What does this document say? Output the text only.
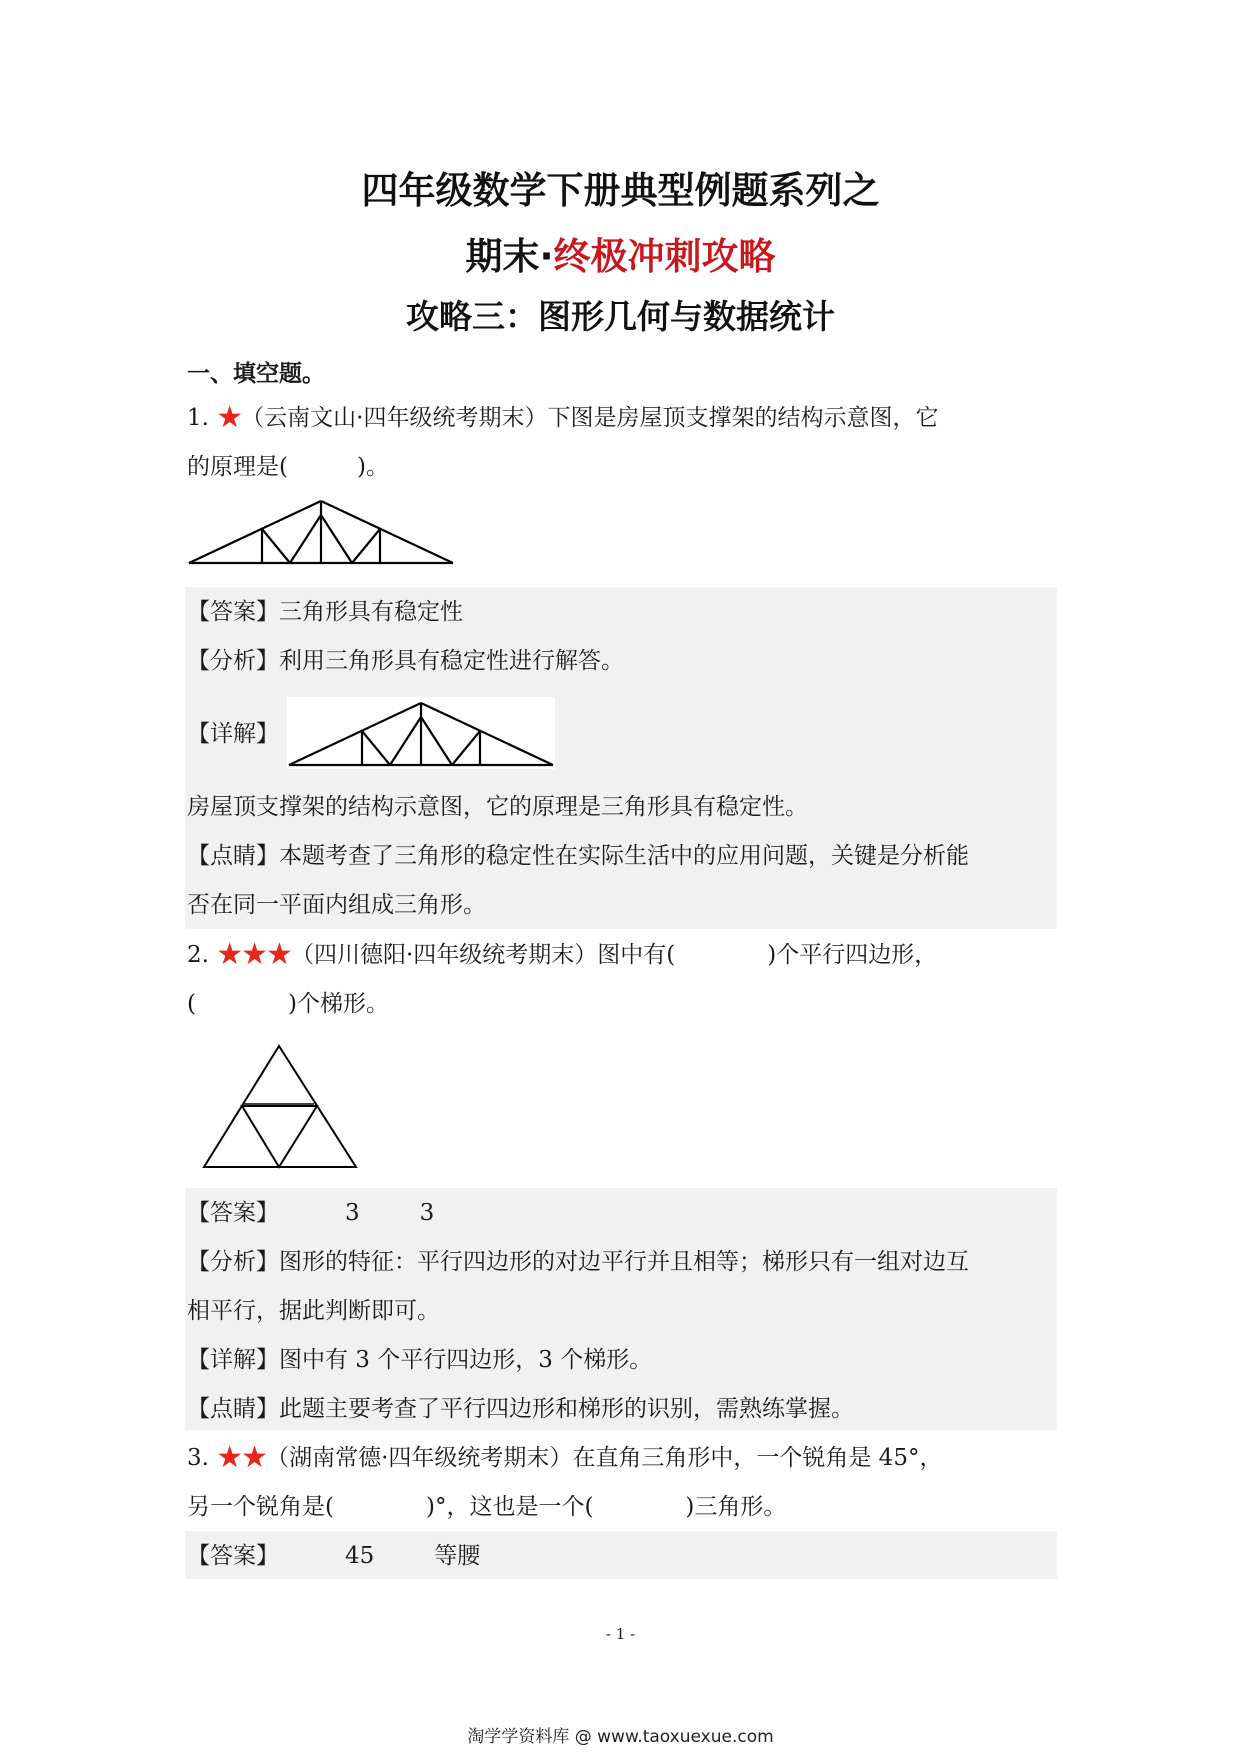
四年级数学下册典型例题系列之
期末·终极冲刺攻略
攻略三：图形几何与数据统计
一、填空题。
1. ★（云南文山·四年级统考期末）下图是房屋顶支撑架的结构示意图，它
的原理是(　　　)。
【答案】三角形具有稳定性
【分析】利用三角形具有稳定性进行解答。
【详解】
房屋顶支撑架的结构示意图，它的原理是三角形具有稳定性。
【点睛】本题考查了三角形的稳定性在实际生活中的应用问题，关键是分析能
否在同一平面内组成三角形。
2. ★★★（四川德阳·四年级统考期末）图中有(　　　　)个平行四边形，
(　　　　)个梯形。
【答案】	3	3
【分析】图形的特征：平行四边形的对边平行并且相等；梯形只有一组对边互
相平行，据此判断即可。
【详解】图中有 3 个平行四边形，3 个梯形。
【点睛】此题主要考查了平行四边形和梯形的识别，需熟练掌握。
3. ★★（湖南常德·四年级统考期末）在直角三角形中，一个锐角是 45°，
另一个锐角是(　　　　)°，这也是一个(　　　　)三角形。
【答案】	45	等腰
- 1 -
淘学学资料库 @ www.taoxuexue.com
